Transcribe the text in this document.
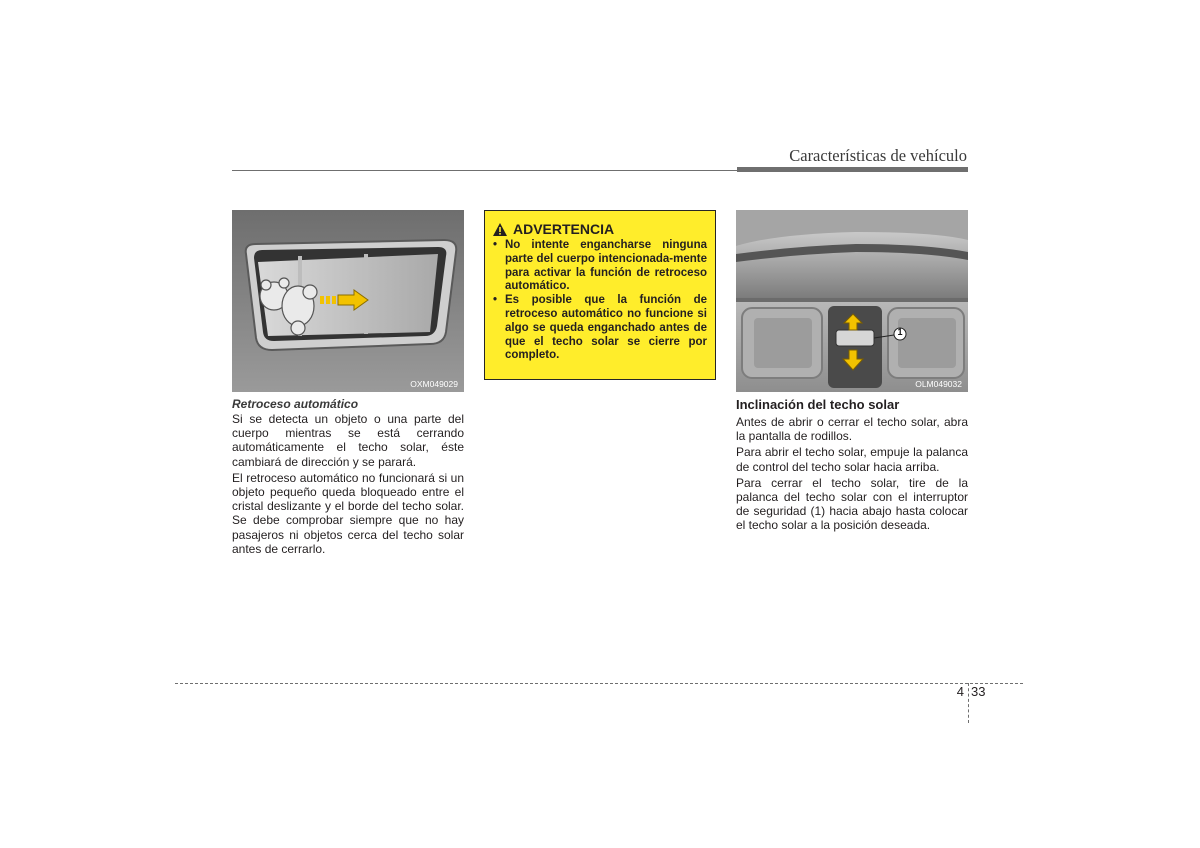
Características de vehículo
OXM049029
Retroceso automático

Si se detecta un objeto o una parte del cuerpo mientras se está cerrando automáticamente el techo solar, éste cambiará de dirección y se parará.

El retroceso automático no funcionará si un objeto pequeño queda bloqueado entre el cristal deslizante y el borde del techo solar. Se debe comprobar siempre que no hay pasajeros ni objetos cerca del techo solar antes de cerrarlo.

ADVERTENCIA
• No intente engancharse ninguna parte del cuerpo intencionada-mente para activar la función de retroceso automático.
• Es posible que la función de retroceso automático no funcione si algo se queda enganchado antes de que el techo solar se cierre por completo.
1
OLM049032
Inclinación del techo solar

Antes de abrir o cerrar el techo solar, abra la pantalla de rodillos.

Para abrir el techo solar, empuje la palanca de control del techo solar hacia arriba.

Para cerrar el techo solar, tire de la palanca del techo solar con el interruptor de seguridad (1) hacia abajo hasta colocar el techo solar a la posición deseada.

4 33
